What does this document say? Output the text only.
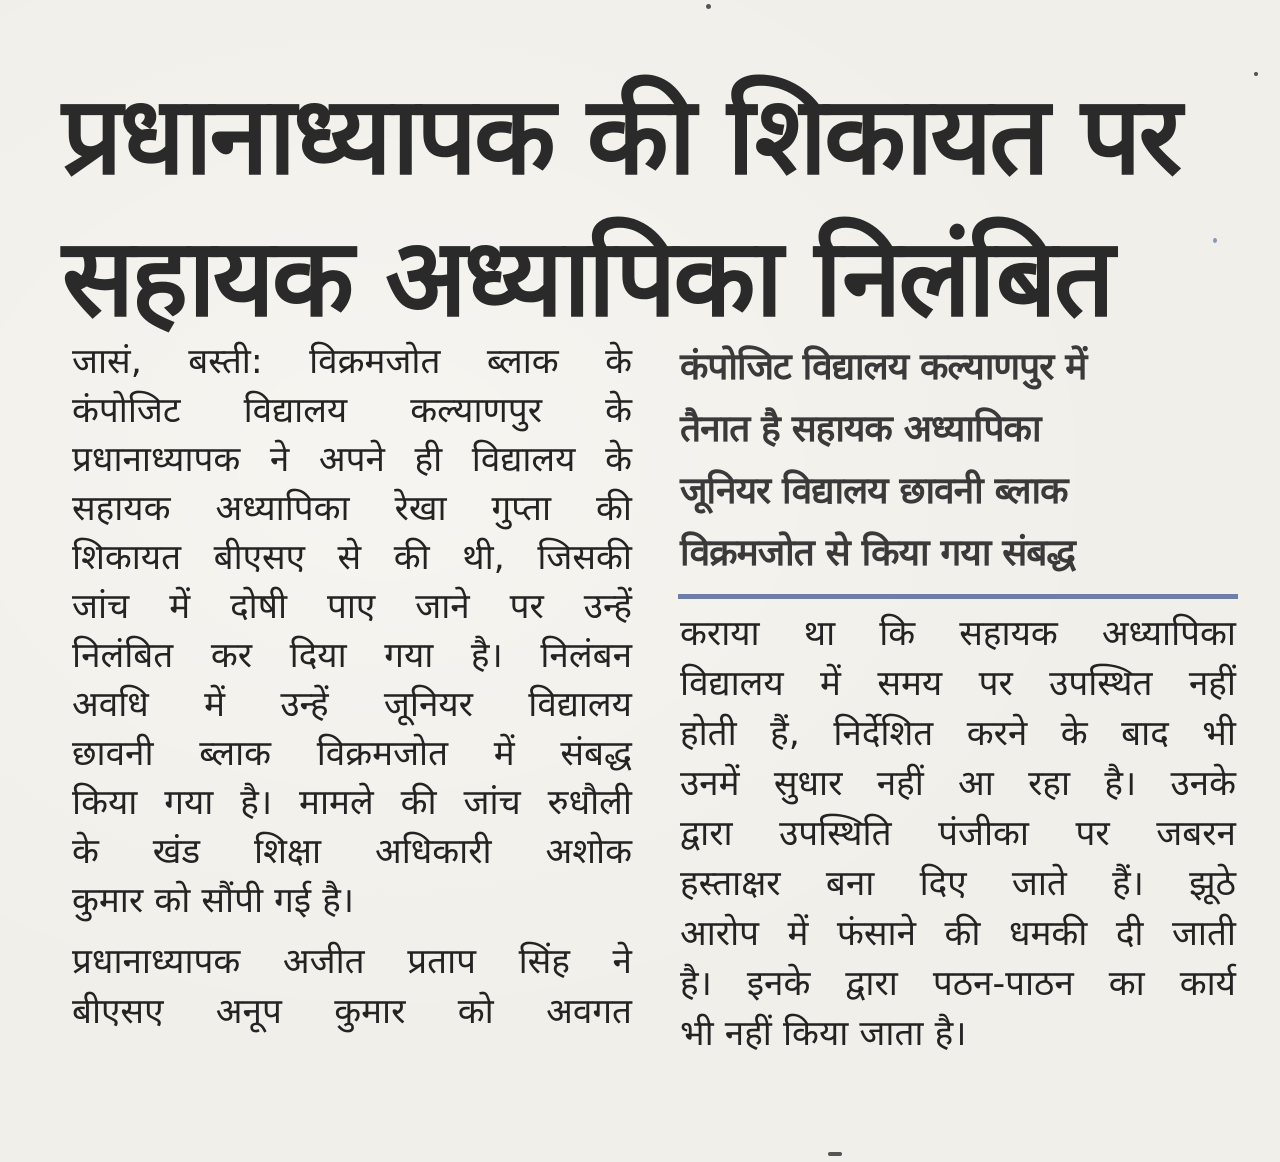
प्रधानाध्यापक की शिकायत पर
सहायक अध्यापिका निलंबित
जासं, बस्ती: विक्रमजोत ब्लाक के
कंपोजिट विद्यालय कल्याणपुर के
प्रधानाध्यापक ने अपने ही विद्यालय के
सहायक अध्यापिका रेखा गुप्ता की
शिकायत बीएसए से की थी, जिसकी
जांच में दोषी पाए जाने पर उन्हें
निलंबित कर दिया गया है। निलंबन
अवधि में उन्हें जूनियर विद्यालय
छावनी ब्लाक विक्रमजोत में संबद्ध
किया गया है। मामले की जांच रुधौली
के खंड शिक्षा अधिकारी अशोक
कुमार को सौंपी गई है।
प्रधानाध्यापक अजीत प्रताप सिंह ने
बीएसए अनूप कुमार को अवगत
कंपोजिट विद्यालय कल्याणपुर में
तैनात है सहायक अध्यापिका
जूनियर विद्यालय छावनी ब्लाक
विक्रमजोत से किया गया संबद्ध
कराया था कि सहायक अध्यापिका
विद्यालय में समय पर उपस्थित नहीं
होती हैं, निर्देशित करने के बाद भी
उनमें सुधार नहीं आ रहा है। उनके
द्वारा उपस्थिति पंजीका पर जबरन
हस्ताक्षर बना दिए जाते हैं। झूठे
आरोप में फंसाने की धमकी दी जाती
है। इनके द्वारा पठन-पाठन का कार्य
भी नहीं किया जाता है।
